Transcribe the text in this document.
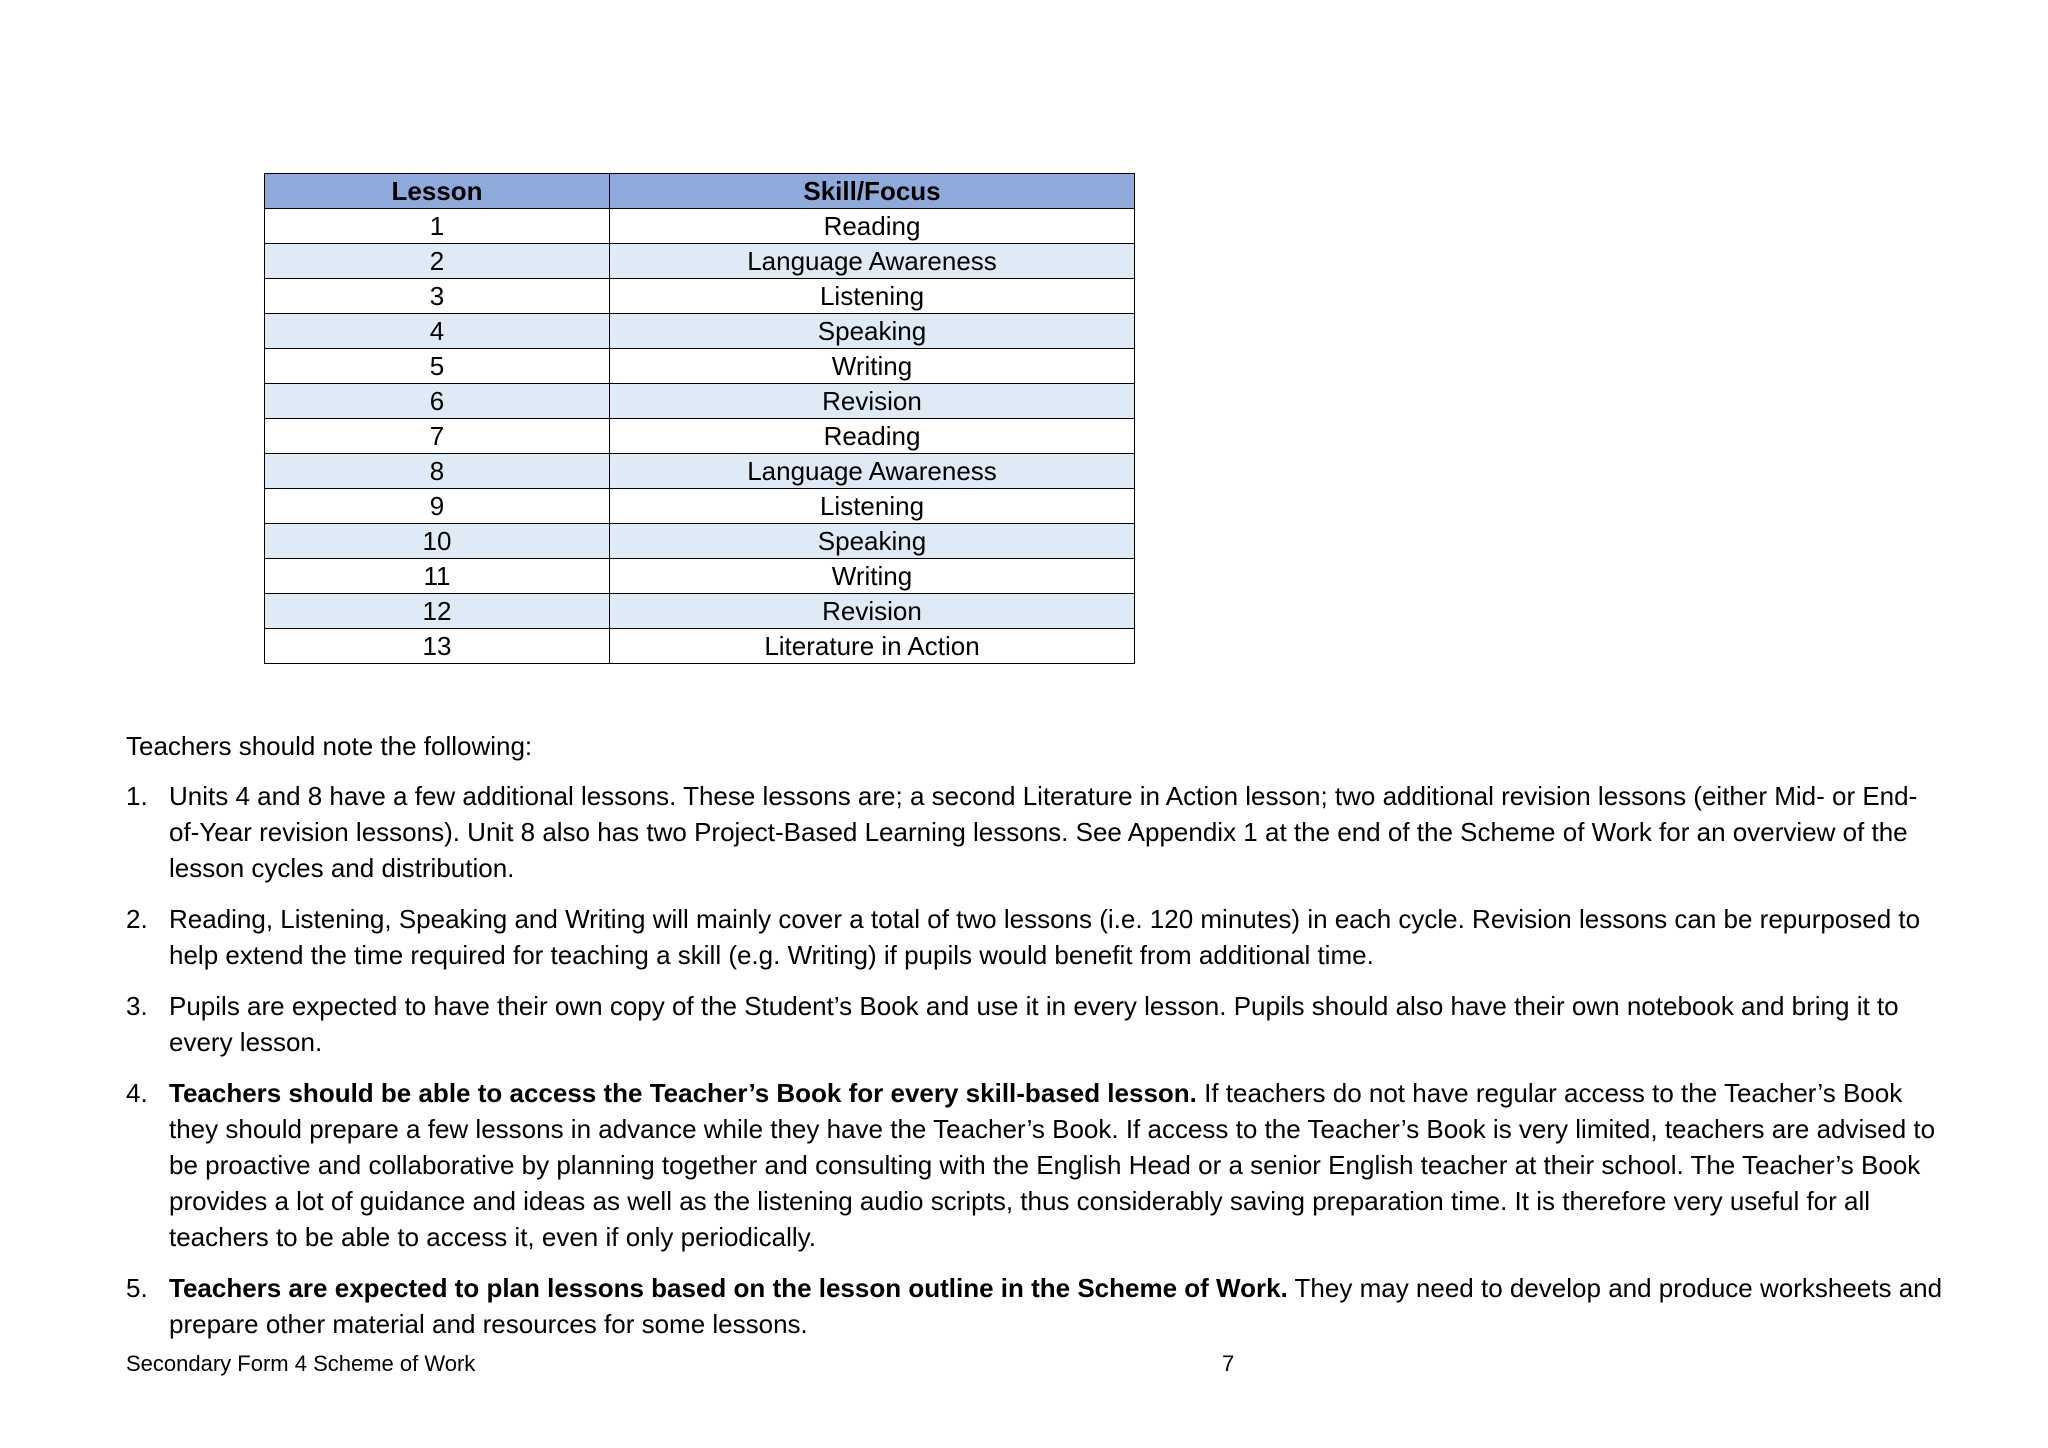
Lesson	Skill/Focus
1	Reading
2	Language Awareness
3	Listening
4	Speaking
5	Writing
6	Revision
7	Reading
8	Language Awareness
9	Listening
10	Speaking
11	Writing
12	Revision
13	Literature in Action

Teachers should note the following:

1. Units 4 and 8 have a few additional lessons. These lessons are; a second Literature in Action lesson; two additional revision lessons (either Mid- or End-of-Year revision lessons). Unit 8 also has two Project-Based Learning lessons. See Appendix 1 at the end of the Scheme of Work for an overview of the lesson cycles and distribution.
2. Reading, Listening, Speaking and Writing will mainly cover a total of two lessons (i.e. 120 minutes) in each cycle. Revision lessons can be repurposed to help extend the time required for teaching a skill (e.g. Writing) if pupils would benefit from additional time.
3. Pupils are expected to have their own copy of the Student’s Book and use it in every lesson. Pupils should also have their own notebook and bring it to every lesson.
4. Teachers should be able to access the Teacher’s Book for every skill-based lesson. If teachers do not have regular access to the Teacher’s Book they should prepare a few lessons in advance while they have the Teacher’s Book. If access to the Teacher’s Book is very limited, teachers are advised to be proactive and collaborative by planning together and consulting with the English Head or a senior English teacher at their school. The Teacher’s Book provides a lot of guidance and ideas as well as the listening audio scripts, thus considerably saving preparation time. It is therefore very useful for all teachers to be able to access it, even if only periodically.
5. Teachers are expected to plan lessons based on the lesson outline in the Scheme of Work. They may need to develop and produce worksheets and prepare other material and resources for some lessons.
Secondary Form 4 Scheme of Work	7
